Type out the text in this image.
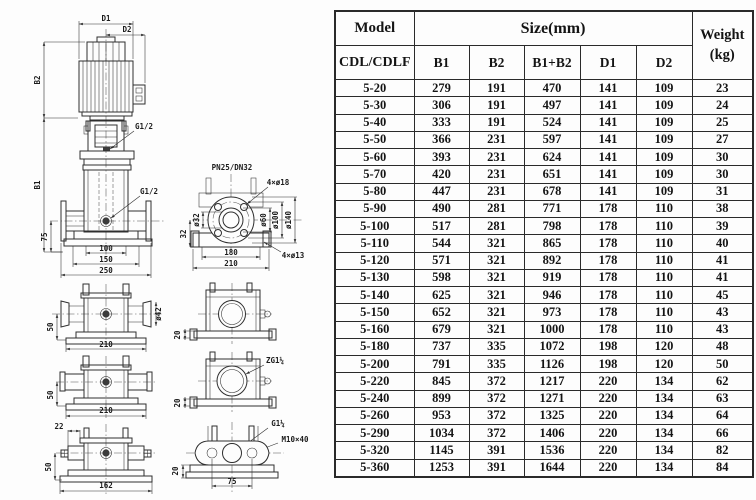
D1
D2
B2
B1
G1/2
G1/2
75
100
150
250
ø42
50
210
50
210
22
50
162
PN25/DN32
4×ø18
ø60 ø100 ø140
ø32
32
180
210
4×ø13
20
ZG1¼
20
G1¼
M10×40
20
75
Model	Size(mm)					Weight
(kg)

CDL/CDLF	B1	B2	B1+B2	D1	D2	
5-20	279	191	470	141	109	23
5-30	306	191	497	141	109	24
5-40	333	191	524	141	109	25
5-50	366	231	597	141	109	27
5-60	393	231	624	141	109	30
5-70	420	231	651	141	109	30
5-80	447	231	678	141	109	31
5-90	490	281	771	178	110	38
5-100	517	281	798	178	110	39
5-110	544	321	865	178	110	40
5-120	571	321	892	178	110	41
5-130	598	321	919	178	110	41
5-140	625	321	946	178	110	45
5-150	652	321	973	178	110	43
5-160	679	321	1000	178	110	43
5-180	737	335	1072	198	120	48
5-200	791	335	1126	198	120	50
5-220	845	372	1217	220	134	62
5-240	899	372	1271	220	134	63
5-260	953	372	1325	220	134	64
5-290	1034	372	1406	220	134	66
5-320	1145	391	1536	220	134	82
5-360	1253	391	1644	220	134	84
